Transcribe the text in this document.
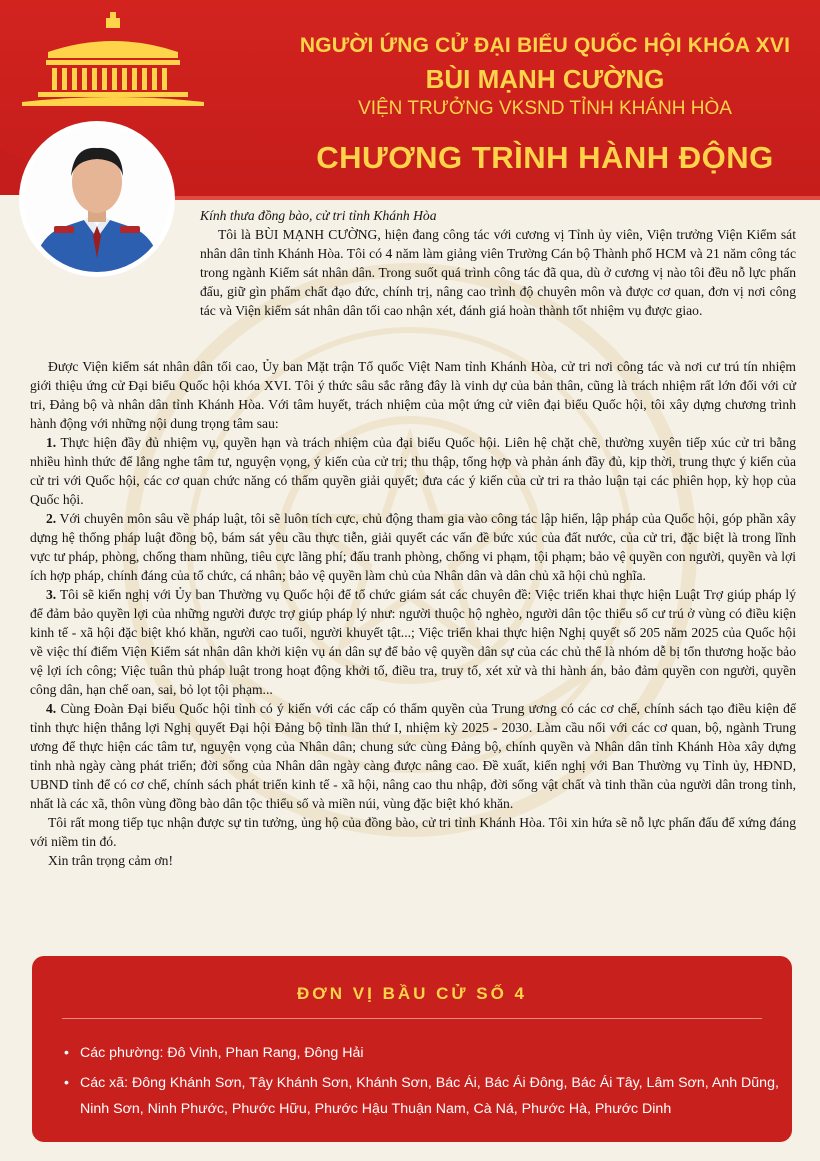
NGƯỜI ỨNG CỬ ĐẠI BIỂU QUỐC HỘI KHÓA XVI
BÙI MẠNH CƯỜNG
VIỆN TRƯỞNG VKSND TỈNH KHÁNH HÒA
CHƯƠNG TRÌNH HÀNH ĐỘNG

Kính thưa đồng bào, cử tri tỉnh Khánh Hòa

Tôi là BÙI MẠNH CƯỜNG, hiện đang công tác với cương vị Tỉnh ủy viên, Viện trưởng Viện Kiểm sát nhân dân tỉnh Khánh Hòa. Tôi có 4 năm làm giảng viên Trường Cán bộ Thành phố HCM và 21 năm công tác trong ngành Kiểm sát nhân dân. Trong suốt quá trình công tác đã qua, dù ở cương vị nào tôi đều nỗ lực phấn đấu, giữ gìn phẩm chất đạo đức, chính trị, nâng cao trình độ chuyên môn và được cơ quan, đơn vị nơi công tác và Viện kiểm sát nhân dân tối cao nhận xét, đánh giá hoàn thành tốt nhiệm vụ được giao.

Được Viện kiểm sát nhân dân tối cao, Ủy ban Mặt trận Tổ quốc Việt Nam tỉnh Khánh Hòa, cử tri nơi công tác và nơi cư trú tín nhiệm giới thiệu ứng cử Đại biểu Quốc hội khóa XVI. Tôi ý thức sâu sắc rằng đây là vinh dự của bản thân, cũng là trách nhiệm rất lớn đối với cử tri, Đảng bộ và nhân dân tỉnh Khánh Hòa. Với tâm huyết, trách nhiệm của một ứng cử viên đại biểu Quốc hội, tôi xây dựng chương trình hành động với những nội dung trọng tâm sau:

1. Thực hiện đầy đủ nhiệm vụ, quyền hạn và trách nhiệm của đại biểu Quốc hội. Liên hệ chặt chẽ, thường xuyên tiếp xúc cử tri bằng nhiều hình thức để lắng nghe tâm tư, nguyện vọng, ý kiến của cử tri; thu thập, tổng hợp và phản ánh đầy đủ, kịp thời, trung thực ý kiến của cử tri với Quốc hội, các cơ quan chức năng có thẩm quyền giải quyết; đưa các ý kiến của cử tri ra thảo luận tại các phiên họp, kỳ họp của Quốc hội.

2. Với chuyên môn sâu về pháp luật, tôi sẽ luôn tích cực, chủ động tham gia vào công tác lập hiến, lập pháp của Quốc hội, góp phần xây dựng hệ thống pháp luật đồng bộ, bám sát yêu cầu thực tiễn, giải quyết các vấn đề bức xúc của đất nước, của cử tri, đặc biệt là trong lĩnh vực tư pháp, phòng, chống tham nhũng, tiêu cực lãng phí; đấu tranh phòng, chống vi phạm, tội phạm; bảo vệ quyền con người, quyền và lợi ích hợp pháp, chính đáng của tổ chức, cá nhân; bảo vệ quyền làm chủ của Nhân dân và dân chủ xã hội chủ nghĩa.

3. Tôi sẽ kiến nghị với Ủy ban Thường vụ Quốc hội để tổ chức giám sát các chuyên đề: Việc triển khai thực hiện Luật Trợ giúp pháp lý để đảm bảo quyền lợi của những người được trợ giúp pháp lý như: người thuộc hộ nghèo, người dân tộc thiểu số cư trú ở vùng có điều kiện kinh tế - xã hội đặc biệt khó khăn, người cao tuổi, người khuyết tật...; Việc triển khai thực hiện Nghị quyết số 205 năm 2025 của Quốc hội về việc thí điểm Viện Kiểm sát nhân dân khởi kiện vụ án dân sự để bảo vệ quyền dân sự của các chủ thể là nhóm dễ bị tổn thương hoặc bảo vệ lợi ích công; Việc tuân thủ pháp luật trong hoạt động khởi tố, điều tra, truy tố, xét xử và thi hành án, bảo đảm quyền con người, quyền công dân, hạn chế oan, sai, bỏ lọt tội phạm...

4. Cùng Đoàn Đại biểu Quốc hội tỉnh có ý kiến với các cấp có thẩm quyền của Trung ương có các cơ chế, chính sách tạo điều kiện để tỉnh thực hiện thắng lợi Nghị quyết Đại hội Đảng bộ tỉnh lần thứ I, nhiệm kỳ 2025 - 2030. Làm cầu nối với các cơ quan, bộ, ngành Trung ương để thực hiện các tâm tư, nguyện vọng của Nhân dân; chung sức cùng Đảng bộ, chính quyền và Nhân dân tỉnh Khánh Hòa xây dựng tỉnh nhà ngày càng phát triển; đời sống của Nhân dân ngày càng được nâng cao. Đề xuất, kiến nghị với Ban Thường vụ Tỉnh ủy, HĐND, UBND tỉnh để có cơ chế, chính sách phát triển kinh tế - xã hội, nâng cao thu nhập, đời sống vật chất và tinh thần của người dân trong tỉnh, nhất là các xã, thôn vùng đồng bào dân tộc thiểu số và miền núi, vùng đặc biệt khó khăn.

Tôi rất mong tiếp tục nhận được sự tin tưởng, ủng hộ của đồng bào, cử tri tỉnh Khánh Hòa. Tôi xin hứa sẽ nỗ lực phấn đấu để xứng đáng với niềm tin đó.

Xin trân trọng cảm ơn!

ĐƠN VỊ BẦU CỬ SỐ 4
• Các phường: Đô Vinh, Phan Rang, Đông Hải
• Các xã: Đông Khánh Sơn, Tây Khánh Sơn, Khánh Sơn, Bác Ái, Bác Ái Đông, Bác Ái Tây, Lâm Sơn, Anh Dũng, Ninh Sơn, Ninh Phước, Phước Hữu, Phước Hậu Thuận Nam, Cà Ná, Phước Hà, Phước Dinh
